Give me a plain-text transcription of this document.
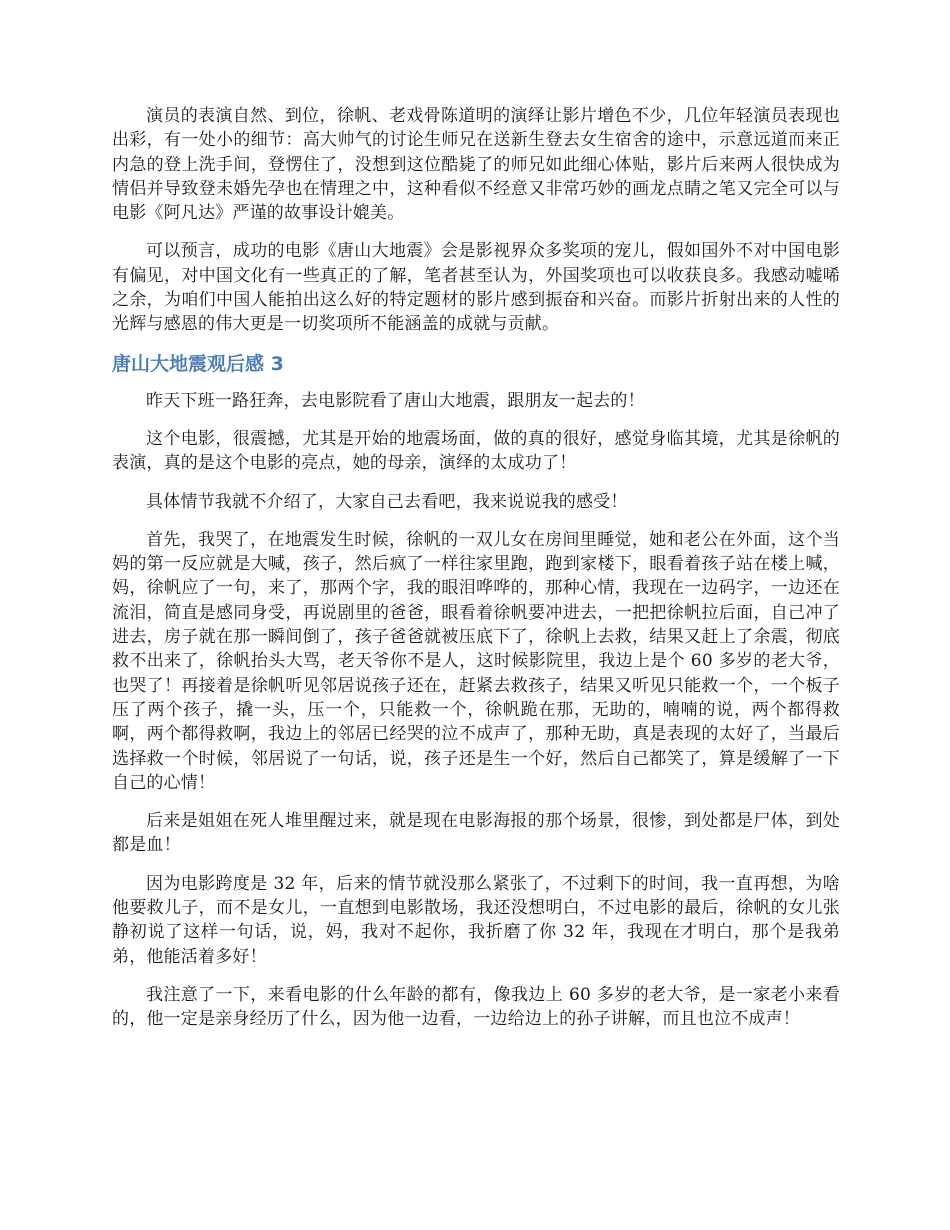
演员的表演自然、到位，徐帆、老戏骨陈道明的演绎让影片增色不少，几位年轻演员表现也出彩，有一处小的细节：高大帅气的讨论生师兄在送新生登去女生宿舍的途中，示意远道而来正内急的登上洗手间，登愣住了，没想到这位酷毙了的师兄如此细心体贴，影片后来两人很快成为情侣并导致登未婚先孕也在情理之中，这种看似不经意又非常巧妙的画龙点睛之笔又完全可以与电影《阿凡达》严谨的故事设计媲美。

可以预言，成功的电影《唐山大地震》会是影视界众多奖项的宠儿，假如国外不对中国电影有偏见，对中国文化有一些真正的了解，笔者甚至认为，外国奖项也可以收获良多。我感动嘘唏之余，为咱们中国人能拍出这么好的特定题材的影片感到振奋和兴奋。而影片折射出来的人性的光辉与感恩的伟大更是一切奖项所不能涵盖的成就与贡献。

唐山大地震观后感 3

昨天下班一路狂奔，去电影院看了唐山大地震，跟朋友一起去的！

这个电影，很震撼，尤其是开始的地震场面，做的真的很好，感觉身临其境，尤其是徐帆的表演，真的是这个电影的亮点，她的母亲，演绎的太成功了！

具体情节我就不介绍了，大家自己去看吧，我来说说我的感受！

首先，我哭了，在地震发生时候，徐帆的一双儿女在房间里睡觉，她和老公在外面，这个当妈的第一反应就是大喊，孩子，然后疯了一样往家里跑，跑到家楼下，眼看着孩子站在楼上喊，妈，徐帆应了一句，来了，那两个字，我的眼泪哗哗的，那种心情，我现在一边码字，一边还在流泪，简直是感同身受，再说剧里的爸爸，眼看着徐帆要冲进去，一把把徐帆拉后面，自己冲了进去，房子就在那一瞬间倒了，孩子爸爸就被压底下了，徐帆上去救，结果又赶上了余震，彻底救不出来了，徐帆抬头大骂，老天爷你不是人，这时候影院里，我边上是个 60 多岁的老大爷，也哭了！再接着是徐帆听见邻居说孩子还在，赶紧去救孩子，结果又听见只能救一个，一个板子压了两个孩子，撬一头，压一个，只能救一个，徐帆跪在那，无助的，喃喃的说，两个都得救啊，两个都得救啊，我边上的邻居已经哭的泣不成声了，那种无助，真是表现的太好了，当最后选择救一个时候，邻居说了一句话，说，孩子还是生一个好，然后自己都笑了，算是缓解了一下 自己的心情！

后来是姐姐在死人堆里醒过来，就是现在电影海报的那个场景，很惨，到处都是尸体，到处都是血！

因为电影跨度是 32 年，后来的情节就没那么紧张了，不过剩下的时间，我一直再想，为啥他要救儿子，而不是女儿，一直想到电影散场，我还没想明白，不过电影的最后，徐帆的女儿张静初说了这样一句话，说，妈，我对不起你，我折磨了你 32 年，我现在才明白，那个是我弟弟，他能活着多好！

我注意了一下，来看电影的什么年龄的都有，像我边上 60 多岁的老大爷，是一家老小来看的，他一定是亲身经历了什么，因为他一边看，一边给边上的孙子讲解，而且也泣不成声！
